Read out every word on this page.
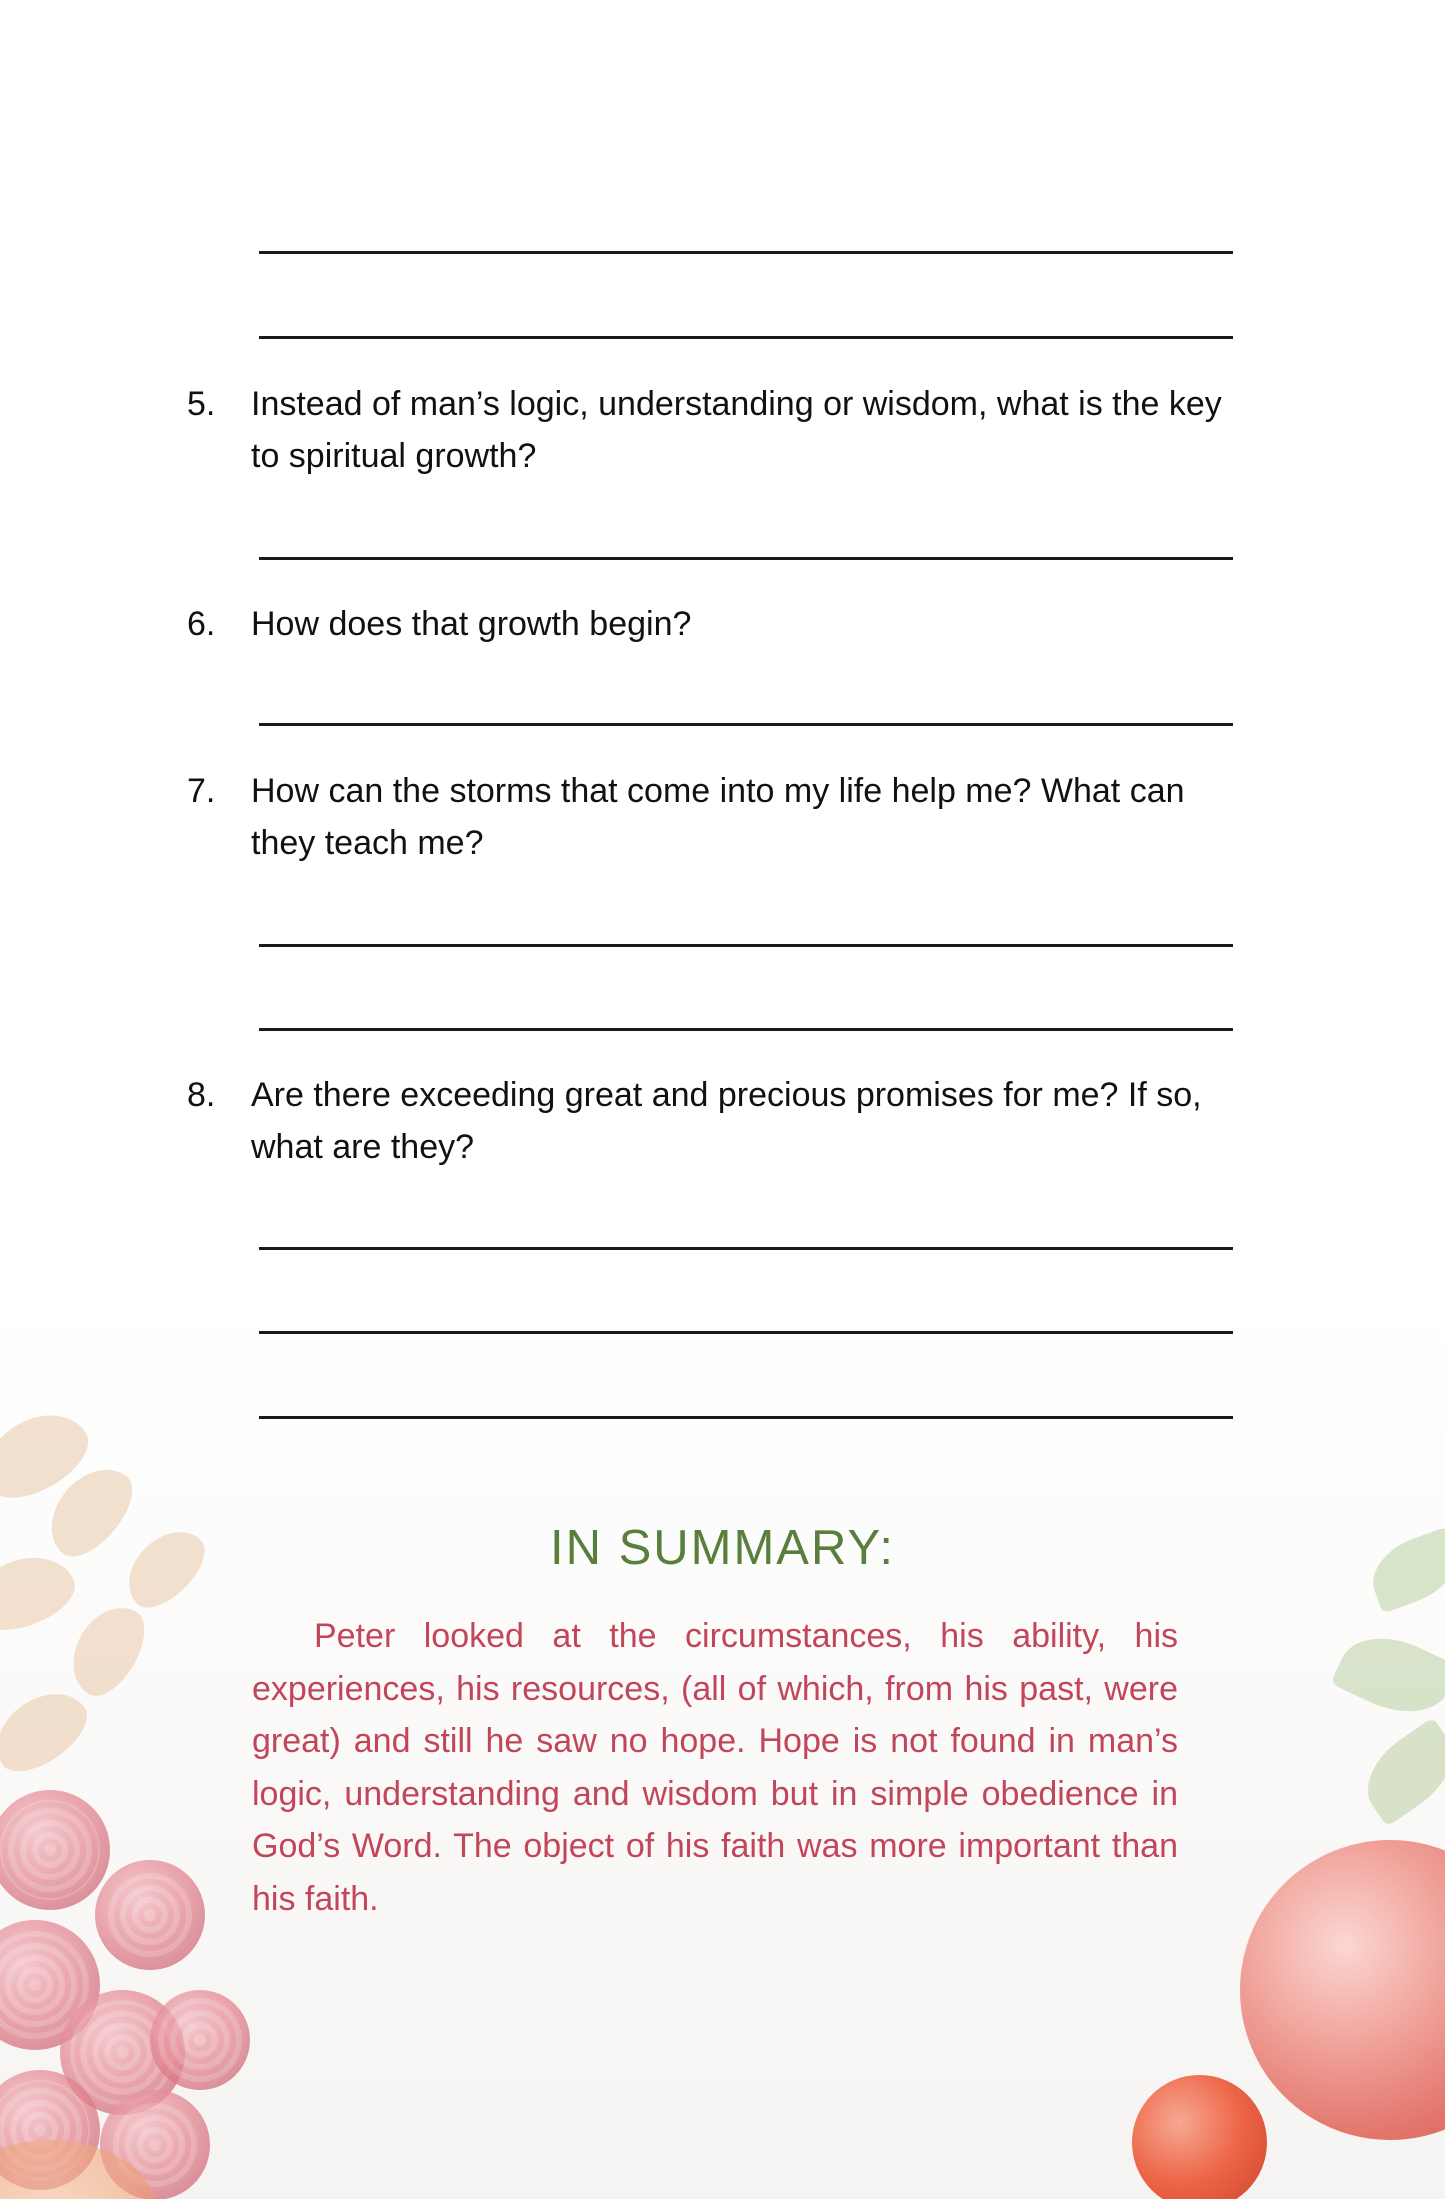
5.	Instead of man’s logic, understanding or wisdom, what is the key to spiritual growth?
6.	How does that growth begin?
7.	How can the storms that come into my life help me? What can they teach me?
8.	Are there exceeding great and precious promises for me? If so, what are they?
IN SUMMARY:
Peter looked at the circumstances, his ability, his experiences, his resources, (all of which, from his past, were great) and still he saw no hope. Hope is not found in man’s logic, understanding and wisdom but in simple obedience in God’s Word. The object of his faith was more important than his faith.
